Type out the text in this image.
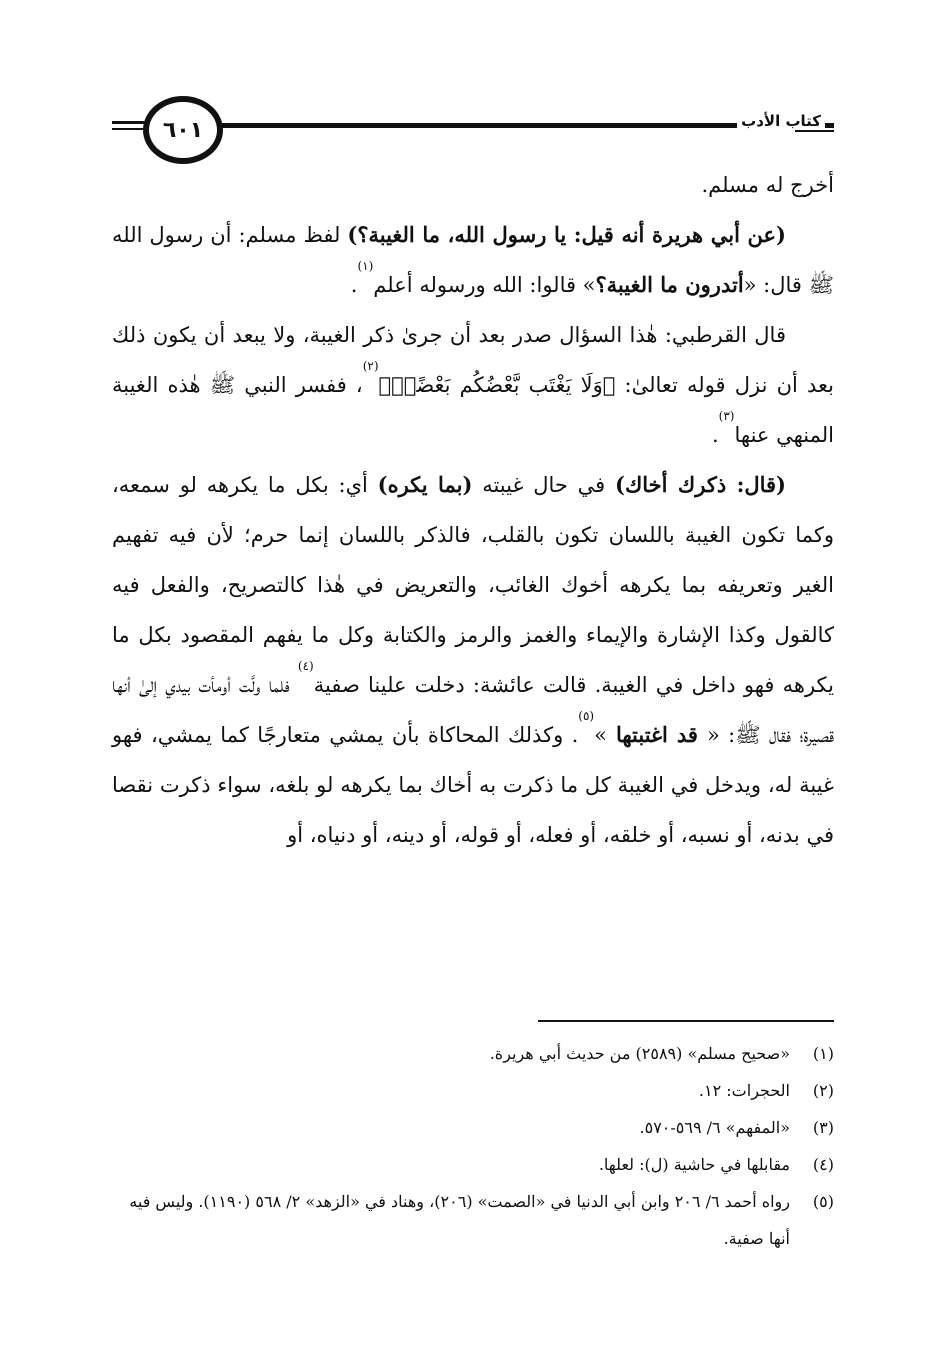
٦٠١	كتاب الأدب

أخرج له مسلم.

(عن أبي هريرة أنه قيل: يا رسول الله، ما الغيبة؟) لفظ مسلم: أن رسول الله ﷺ قال: «أتدرون ما الغيبة؟» قالوا: الله ورسوله أعلم$^{(١)}$.

قال القرطبي: هٰذا السؤال صدر بعد أن جرىٰ ذكر الغيبة، ولا يبعد أن يكون ذلك بعد أن نزل قوله تعالىٰ: ﴿وَلَا يَغْتَب بَّعْضُكُم بَعْضًاۚ﴾$^{(٢)}$، ففسر النبي ﷺ هٰذه الغيبة المنهي عنها$^{(٣)}$.

(قال: ذكرك أخاك) في حال غيبته (بما يكره) أي: بكل ما يكرهه لو سمعه، وكما تكون الغيبة باللسان تكون بالقلب، فالذكر باللسان إنما حرم؛ لأن فيه تفهيم الغير وتعريفه بما يكرهه أخوك الغائب، والتعريض في هٰذا كالتصريح، والفعل فيه كالقول وكذا الإشارة والإيماء والغمز والرمز والكتابة وكل ما يفهم المقصود بكل ما يكرهه فهو داخل في الغيبة. قالت عائشة: دخلت علينا صفية$^{(٤)}$ فلما ولَّت أومأت بيدي إلىٰ أنها قصيرة؛ فقال ﷺ: « قد اغتبتها »$^{(٥)}$. وكذلك المحاكاة بأن يمشي متعارجًا كما يمشي، فهو غيبة له، ويدخل في الغيبة كل ما ذكرت به أخاك بما يكرهه لو بلغه، سواء ذكرت نقصا في بدنه، أو نسبه، أو خلقه، أو فعله، أو قوله، أو دينه، أو دنياه، أو

(١)
«صحيح مسلم» (٢٥٨٩) من حديث أبي هريرة.
(٢)
الحجرات: ١٢.
(٣)
«المفهم» ٦/ ٥٦٩-٥٧٠.
(٤)
مقابلها في حاشية (ل): لعلها.
(٥)
رواه أحمد ٦/ ٢٠٦ وابن أبي الدنيا في «الصمت» (٢٠٦)، وهناد في «الزهد» ٢/ ٥٦٨ (١١٩٠). وليس فيه أنها صفية.
